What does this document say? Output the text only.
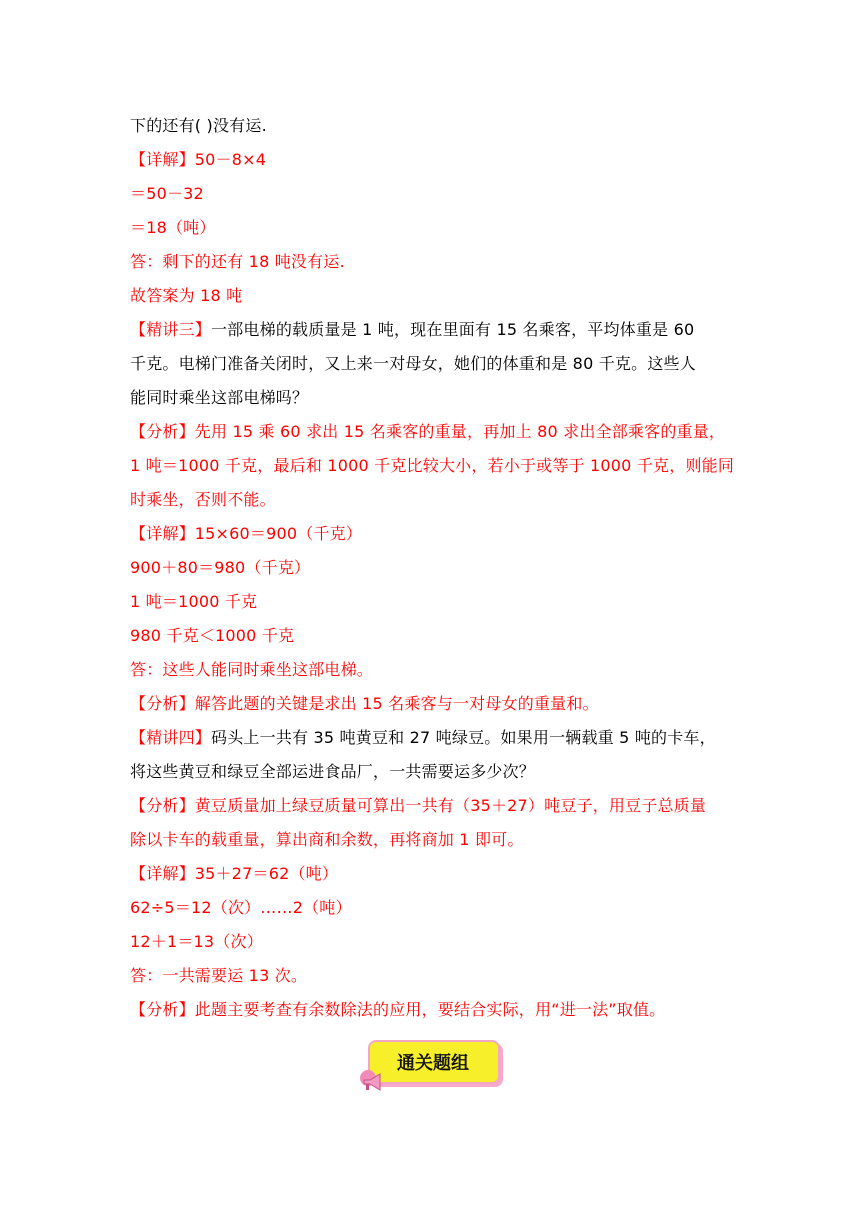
下的还有( )没有运.
【详解】50－8×4
＝50－32
＝18（吨）
答：剩下的还有 18 吨没有运.
故答案为 18 吨
【精讲三】一部电梯的载质量是 1 吨，现在里面有 15 名乘客，平均体重是 60
千克。电梯门准备关闭时，又上来一对母女，她们的体重和是 80 千克。这些人
能同时乘坐这部电梯吗？
【分析】先用 15 乘 60 求出 15 名乘客的重量，再加上 80 求出全部乘客的重量，
1 吨＝1000 千克，最后和 1000 千克比较大小，若小于或等于 1000 千克，则能同
时乘坐，否则不能。
【详解】15×60＝900（千克）
900＋80＝980（千克）
1 吨＝1000 千克
980 千克＜1000 千克
答：这些人能同时乘坐这部电梯。
【分析】解答此题的关键是求出 15 名乘客与一对母女的重量和。
【精讲四】码头上一共有 35 吨黄豆和 27 吨绿豆。如果用一辆载重 5 吨的卡车，
将这些黄豆和绿豆全部运进食品厂，一共需要运多少次？
【分析】黄豆质量加上绿豆质量可算出一共有（35＋27）吨豆子，用豆子总质量
除以卡车的载重量，算出商和余数，再将商加 1 即可。
【详解】35＋27＝62（吨）
62÷5＝12（次）……2（吨）
12＋1＝13（次）
答：一共需要运 13 次。
【分析】此题主要考查有余数除法的应用，要结合实际，用“进一法”取值。
通关题组
